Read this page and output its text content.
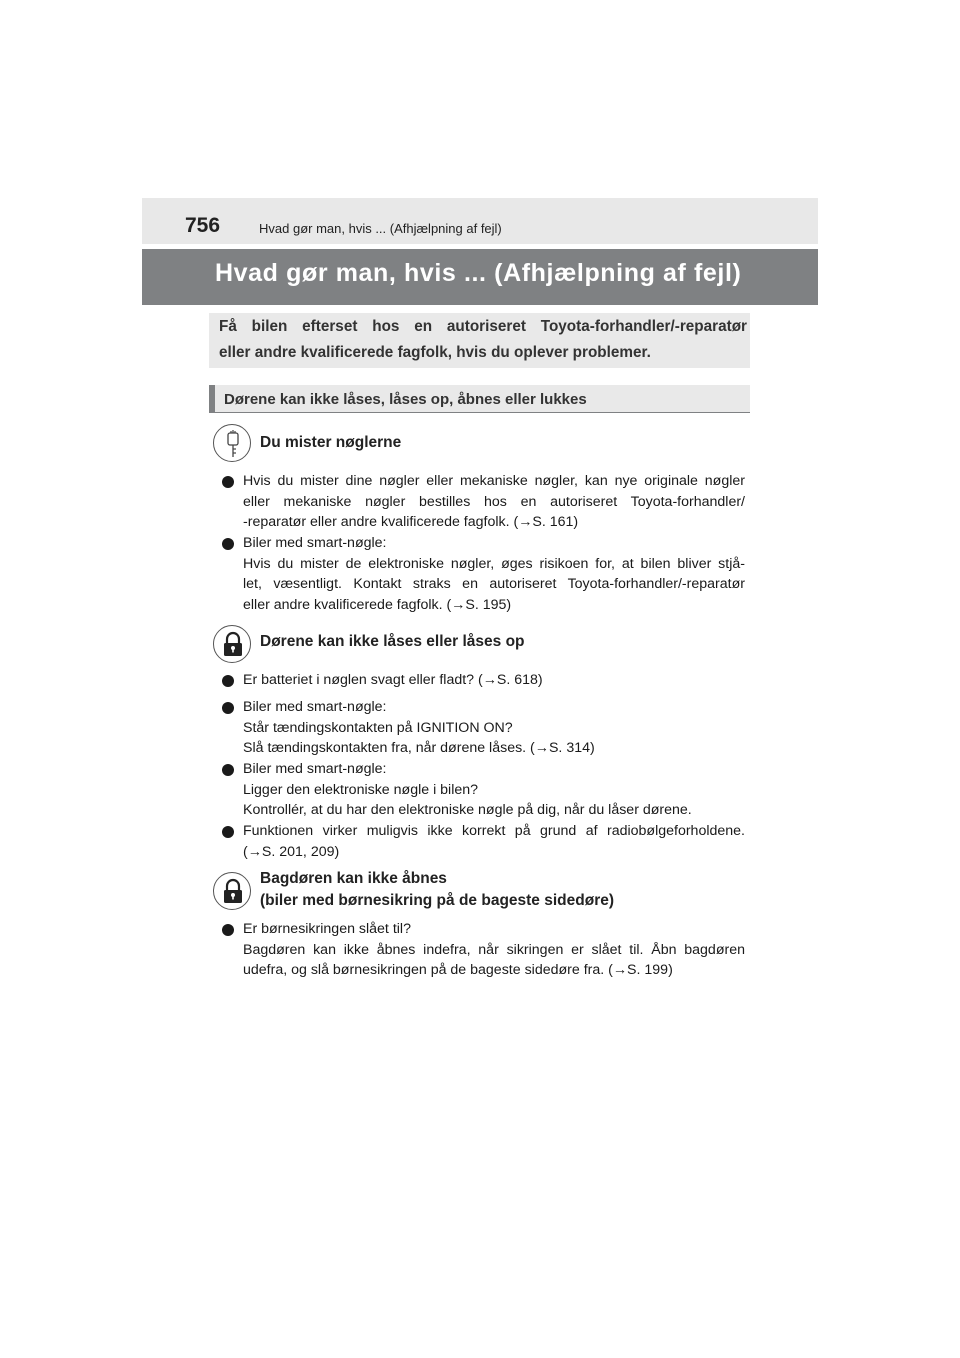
756	Hvad gør man, hvis ... (Afhjælpning af fejl)
Hvad gør man, hvis ... (Afhjælpning af fejl)
Få bilen efterset hos en autoriseret Toyota-forhandler/-reparatør
eller andre kvalificerede fagfolk, hvis du oplever problemer.
Dørene kan ikke låses, låses op, åbnes eller lukkes
Du mister nøglerne
Hvis du mister dine nøgler eller mekaniske nøgler, kan nye originale nøgler
eller mekaniske nøgler bestilles hos en autoriseret Toyota-forhandler/
-reparatør eller andre kvalificerede fagfolk. (→S. 161)
Biler med smart-nøgle:
Hvis du mister de elektroniske nøgler, øges risikoen for, at bilen bliver stjå-
let, væsentligt. Kontakt straks en autoriseret Toyota-forhandler/-reparatør
eller andre kvalificerede fagfolk. (→S. 195)
Dørene kan ikke låses eller låses op
Er batteriet i nøglen svagt eller fladt? (→S. 618)
Biler med smart-nøgle:
Står tændingskontakten på IGNITION ON?
Slå tændingskontakten fra, når dørene låses. (→S. 314)
Biler med smart-nøgle:
Ligger den elektroniske nøgle i bilen?
Kontrollér, at du har den elektroniske nøgle på dig, når du låser dørene.
Funktionen virker muligvis ikke korrekt på grund af radiobølgeforholdene.
(→S. 201, 209)
Bagdøren kan ikke åbnes
(biler med børnesikring på de bageste sidedøre)
Er børnesikringen slået til?
Bagdøren kan ikke åbnes indefra, når sikringen er slået til. Åbn bagdøren
udefra, og slå børnesikringen på de bageste sidedøre fra. (→S. 199)
